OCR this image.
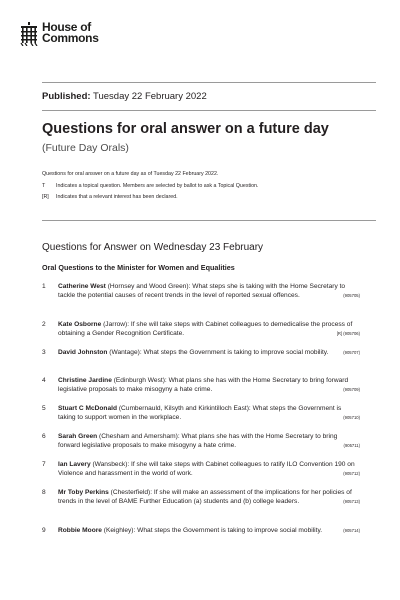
House of
Commons
Published: Tuesday 22 February 2022
Questions for oral answer on a future day
(Future Day Orals)
Questions for oral answer on a future day as of Tuesday 22 February 2022.
T Indicates a topical question. Members are selected by ballot to ask a Topical Question.
[R] Indicates that a relevant interest has been declared.
Questions for Answer on Wednesday 23 February
Oral Questions to the Minister for Women and Equalities
1 Catherine West (Hornsey and Wood Green): What steps she is taking with the Home Secretary to tackle the potential causes of recent trends in the level of reported sexual offences.	(905705)
2 Kate Osborne (Jarrow): If she will take steps with Cabinet colleagues to demedicalise the process of obtaining a Gender Recognition Certificate.	[R] (905706)
3 David Johnston (Wantage): What steps the Government is taking to improve social mobility.	(905707)
4 Christine Jardine (Edinburgh West): What plans she has with the Home Secretary to bring forward legislative proposals to make misogyny a hate crime.	(905709)
5 Stuart C McDonald (Cumbernauld, Kilsyth and Kirkintilloch East): What steps the Government is taking to support women in the workplace.	(905710)
6 Sarah Green (Chesham and Amersham): What plans she has with the Home Secretary to bring forward legislative proposals to make misogyny a hate crime.	(905711)
7 Ian Lavery (Wansbeck): If she will take steps with Cabinet colleagues to ratify ILO Convention 190 on Violence and harassment in the world of work.	(905712)
8 Mr Toby Perkins (Chesterfield): If she will make an assessment of the implications for her policies of trends in the level of BAME Further Education (a) students and (b) college leaders.	(905713)
9 Robbie Moore (Keighley): What steps the Government is taking to improve social mobility.	(905714)
